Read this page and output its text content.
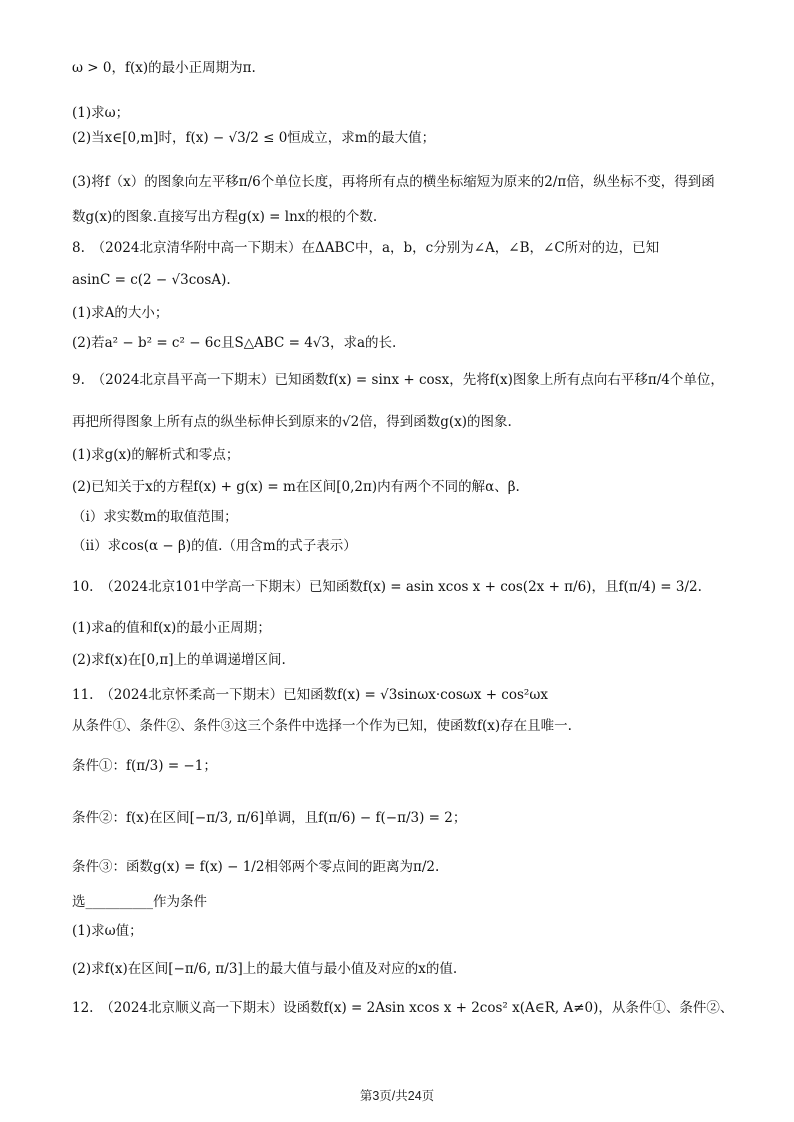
ω > 0，f(x)的最小正周期为π.
(1)求ω；
(2)当x∈[0,m]时，f(x) − √3/2 ≤ 0恒成立，求m的最大值；
(3)将f（x）的图象向左平移π/6个单位长度，再将所有点的横坐标缩短为原来的2/π倍，纵坐标不变，得到函
数g(x)的图象.直接写出方程g(x) = lnx的根的个数.
8.　（2024北京清华附中高一下期末）在ΔABC中，a，b，c分别为∠A，∠B，∠C所对的边，已知
asinC = c(2 − √3cosA).
(1)求A的大小；
(2)若a² − b² = c² − 6c且S△ABC = 4√3，求a的长.
9.　（2024北京昌平高一下期末）已知函数f(x) = sinx + cosx，先将f(x)图象上所有点向右平移π/4个单位，
再把所得图象上所有点的纵坐标伸长到原来的√2倍，得到函数g(x)的图象.
(1)求g(x)的解析式和零点；
(2)已知关于x的方程f(x) + g(x) = m在区间[0,2π)内有两个不同的解α、β.
（i）求实数m的取值范围；
（ii）求cos(α − β)的值.（用含m的式子表示）
10.　（2024北京101中学高一下期末）已知函数f(x) = asin xcos x + cos(2x + π/6)，且f(π/4) = 3/2.
(1)求a的值和f(x)的最小正周期；
(2)求f(x)在[0,π]上的单调递增区间.
11.　（2024北京怀柔高一下期末）已知函数f(x) = √3sinωx·cosωx + cos²ωx
从条件①、条件②、条件③这三个条件中选择一个作为已知，使函数f(x)存在且唯一.
条件①：f(π/3) = −1；
条件②：f(x)在区间[−π/3, π/6]单调，且f(π/6) − f(−π/3) = 2；
条件③：函数g(x) = f(x) − 1/2相邻两个零点间的距离为π/2.
选__________作为条件
(1)求ω值；
(2)求f(x)在区间[−π/6, π/3]上的最大值与最小值及对应的x的值.
12.　（2024北京顺义高一下期末）设函数f(x) = 2Asin xcos x + 2cos² x(A∈R, A≠0)，从条件①、条件②、
第3页/共24页
